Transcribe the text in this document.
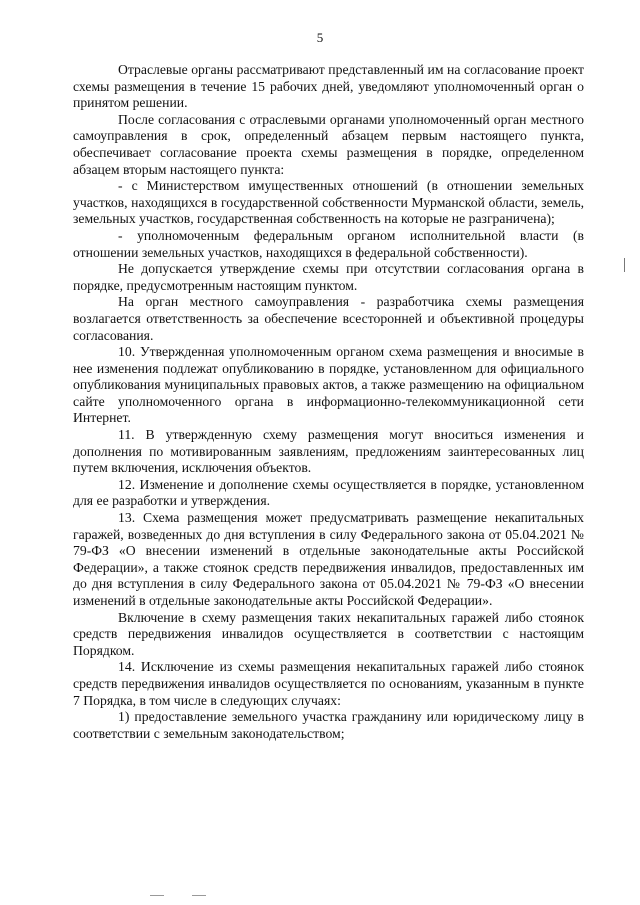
5

Отраслевые органы рассматривают представленный им на согласование проект схемы размещения в течение 15 рабочих дней, уведомляют уполномоченный орган о принятом решении.

После согласования с отраслевыми органами уполномоченный орган местного самоуправления в срок, определенный абзацем первым настоящего пункта, обеспечивает согласование проекта схемы размещения в порядке, определенном абзацем вторым настоящего пункта:

- с Министерством имущественных отношений (в отношении земельных участков, находящихся в государственной собственности Мурманской области, земель, земельных участков, государственная собственность на которые не разграничена);

- уполномоченным федеральным органом исполнительной власти (в отношении земельных участков, находящихся в федеральной собственности).

Не допускается утверждение схемы при отсутствии согласования органа в порядке, предусмотренным настоящим пунктом.

На орган местного самоуправления - разработчика схемы размещения возлагается ответственность за обеспечение всесторонней и объективной процедуры согласования.

10. Утвержденная уполномоченным органом схема размещения и вносимые в нее изменения подлежат опубликованию в порядке, установленном для официального опубликования муниципальных правовых актов, а также размещению на официальном сайте уполномоченного органа в информационно-телекоммуникационной сети Интернет.

11. В утвержденную схему размещения могут вноситься изменения и дополнения по мотивированным заявлениям, предложениям заинтересованных лиц путем включения, исключения объектов.

12. Изменение и дополнение схемы осуществляется в порядке, установленном для ее разработки и утверждения.

13. Схема размещения может предусматривать размещение некапитальных гаражей, возведенных до дня вступления в силу Федерального закона от 05.04.2021 № 79-ФЗ «О внесении изменений в отдельные законодательные акты Российской Федерации», а также стоянок средств передвижения инвалидов, предоставленных им до дня вступления в силу Федерального закона от 05.04.2021 № 79-ФЗ «О внесении изменений в отдельные законодательные акты Российской Федерации».

Включение в схему размещения таких некапитальных гаражей либо стоянок средств передвижения инвалидов осуществляется в соответствии с настоящим Порядком.

14. Исключение из схемы размещения некапитальных гаражей либо стоянок средств передвижения инвалидов осуществляется по основаниям, указанным в пункте 7 Порядка, в том числе в следующих случаях:

1) предоставление земельного участка гражданину или юридическому лицу в соответствии с земельным законодательством;
